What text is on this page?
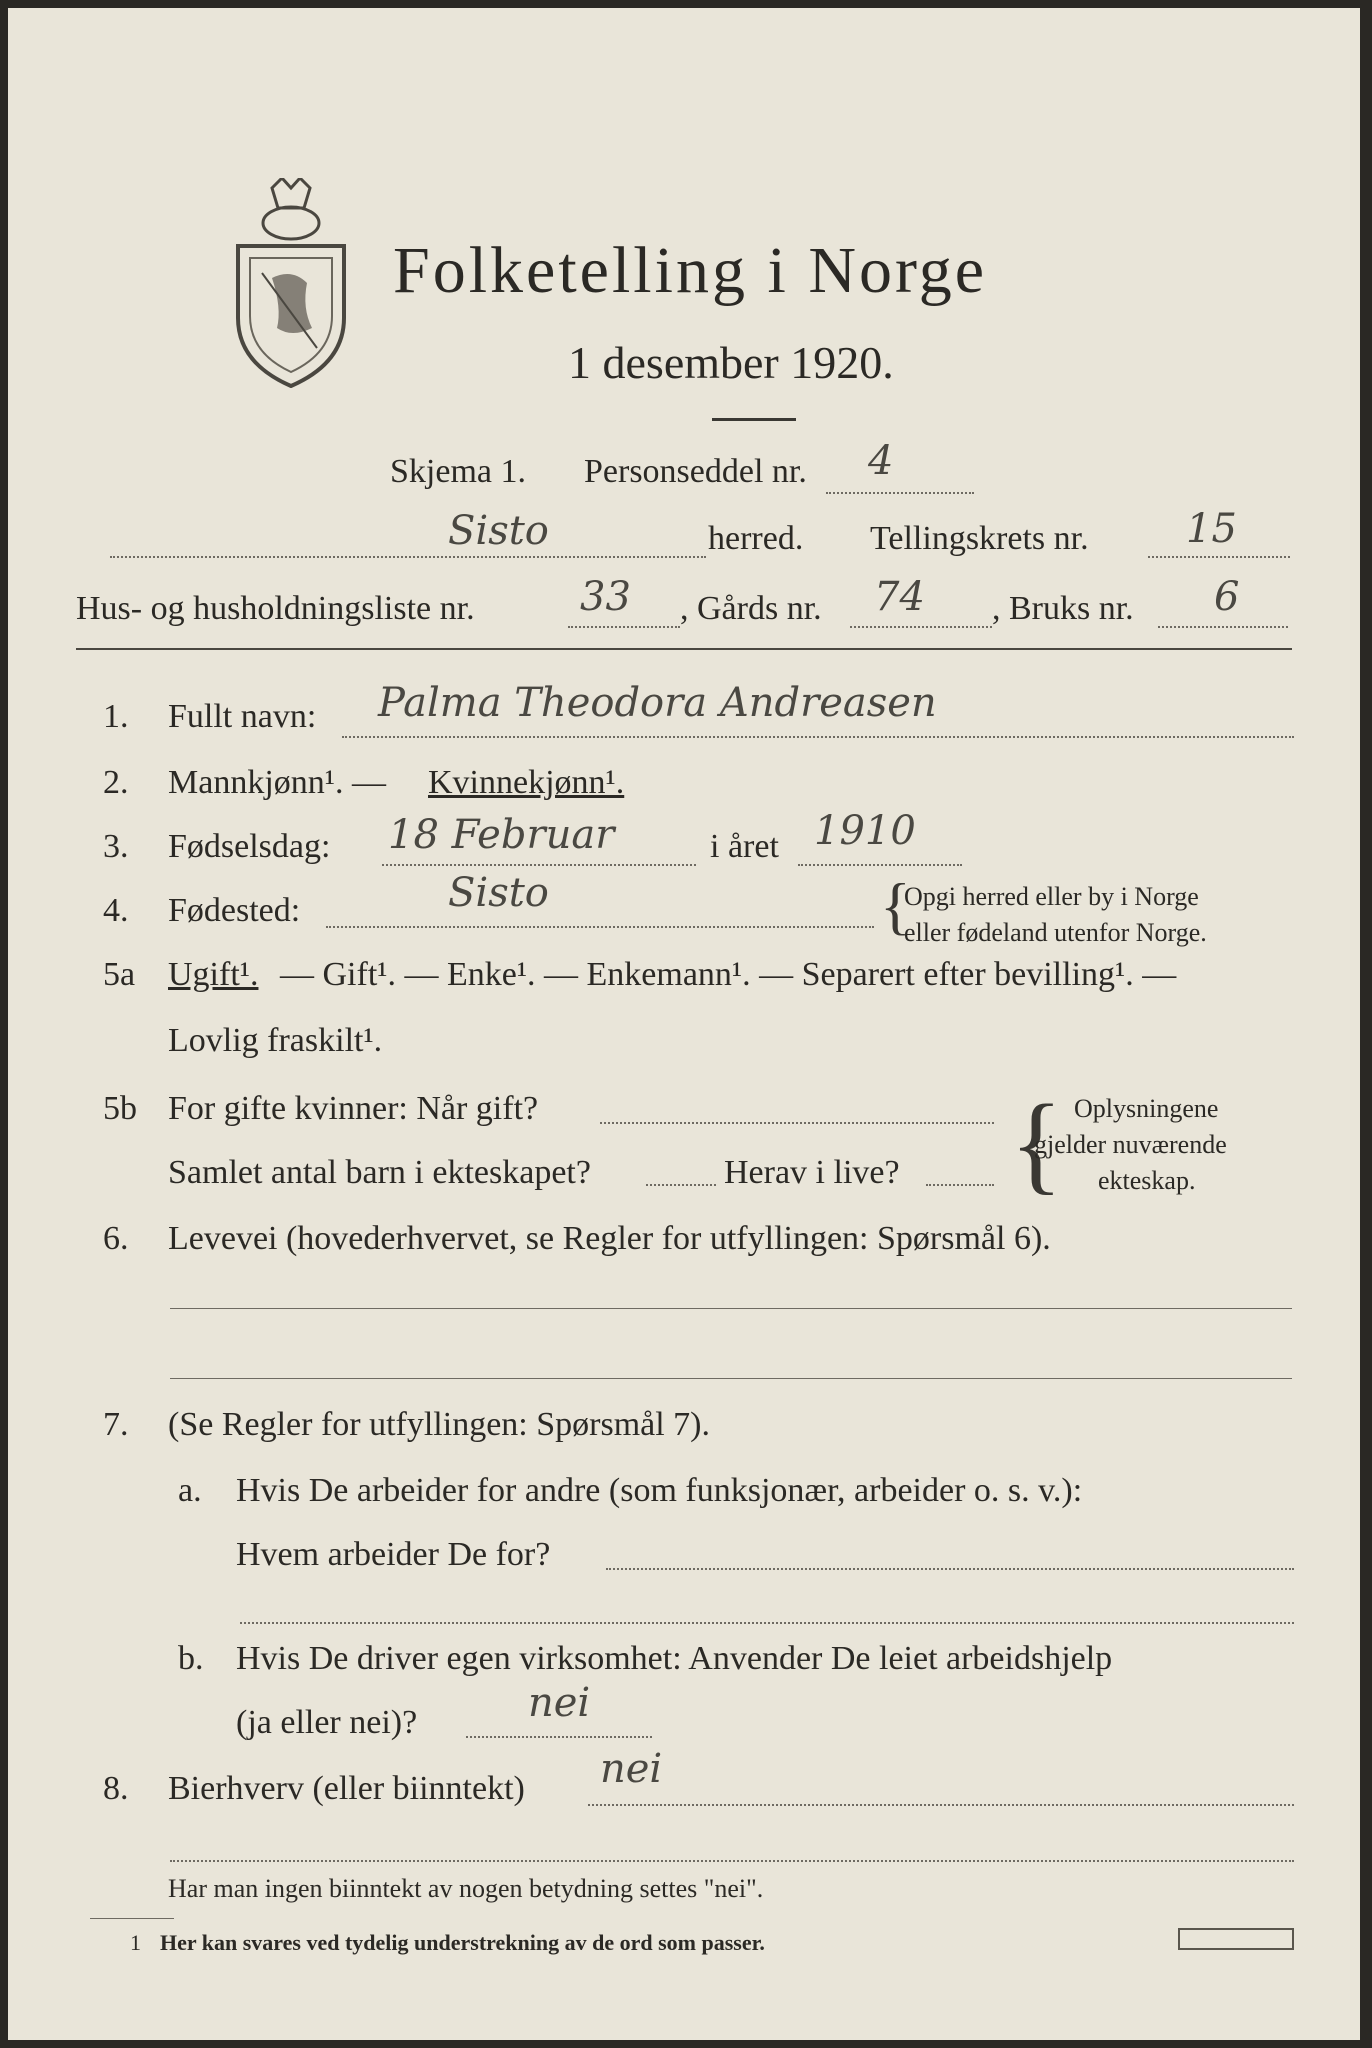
Folketelling i Norge
1 desember 1920.
Skjema 1. Personseddel nr. 4
Sisto	herred. Tellingskrets nr. 15
Hus- og husholdningsliste nr.	33 , Gårds nr. 74 , Bruks nr. 6
1. Fullt navn: Palma Theodora Andreasen
2. Mannkjønn¹. — Kvinnekjønn¹.
3. Fødselsdag: 18 Februar	i året 1910
4. Fødested:	Sisto	{
Opgi herred eller by i Norge
eller fødeland utenfor Norge.
5a Ugift¹. — Gift¹. — Enke¹. — Enkemann¹. — Separert efter bevilling¹. —
Lovlig fraskilt¹.
5b For gifte kvinner: Når gift?
Samlet antal barn i ekteskapet?	Herav i live? { Oplysningene
gjelder nuværende
ekteskap.
6. Levevei (hovederhvervet, se Regler for utfyllingen: Spørsmål 6).
7. (Se Regler for utfyllingen: Spørsmål 7).
a. Hvis De arbeider for andre (som funksjonær, arbeider o. s. v.):
Hvem arbeider De for?
b. Hvis De driver egen virksomhet: Anvender De leiet arbeidshjelp
(ja eller nei)?	nei
8. Bierhverv (eller biinntekt) nei
Har man ingen biinntekt av nogen betydning settes "nei".
1 Her kan svares ved tydelig understrekning av de ord som passer.
